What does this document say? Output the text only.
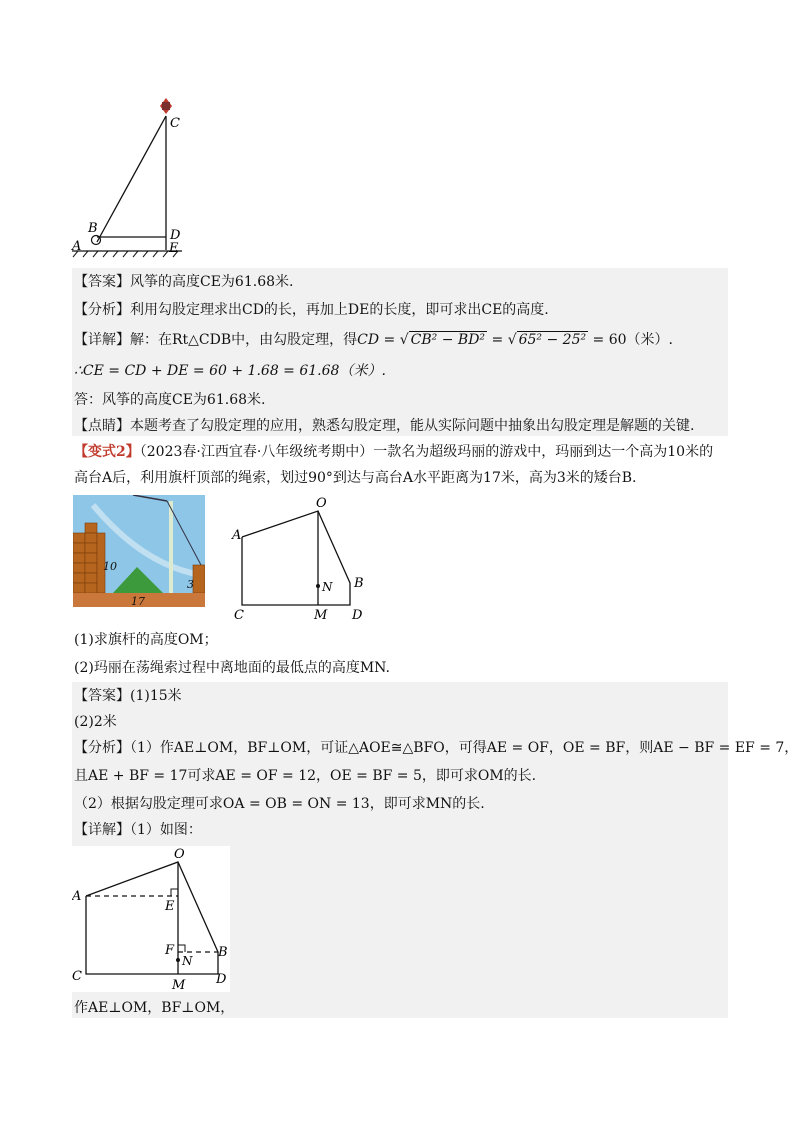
C
B	D
A	E
【答案】风筝的高度CE为61.68米.
【分析】利用勾股定理求出CD的长，再加上DE的长度，即可求出CE的高度.
【详解】解：在Rt△CDB中，由勾股定理，得CD = √ CB² − BD² = √ 65² − 25² = 60（米）.
∴CE = CD + DE = 60 + 1.68 = 61.68（米）.
答：风筝的高度CE为61.68米.
【点睛】本题考查了勾股定理的应用，熟悉勾股定理，能从实际问题中抽象出勾股定理是解题的关键.
【变式2】（2023春·江西宜春·八年级统考期中）一款名为超级玛丽的游戏中，玛丽到达一个高为10米的
高台A后，利用旗杆顶部的绳索，划过90°到达与高台A水平距离为17米，高为3米的矮台B.
10
3
17
O
A
N B
C	M D
(1)求旗杆的高度OM；
(2)玛丽在荡绳索过程中离地面的最低点的高度MN.
【答案】(1)15米
(2)2米
【分析】（1）作AE⊥OM，BF⊥OM，可证△AOE≅△BFO，可得AE = OF，OE = BF，则AE − BF = EF = 7，
且AE + BF = 17可求AE = OF = 12，OE = BF = 5，即可求OM的长.
（2）根据勾股定理可求OA = OB = ON = 13，即可求MN的长.
【详解】（1）如图：
O
A
E
F
N
B
C
M D
作AE⊥OM，BF⊥OM，
